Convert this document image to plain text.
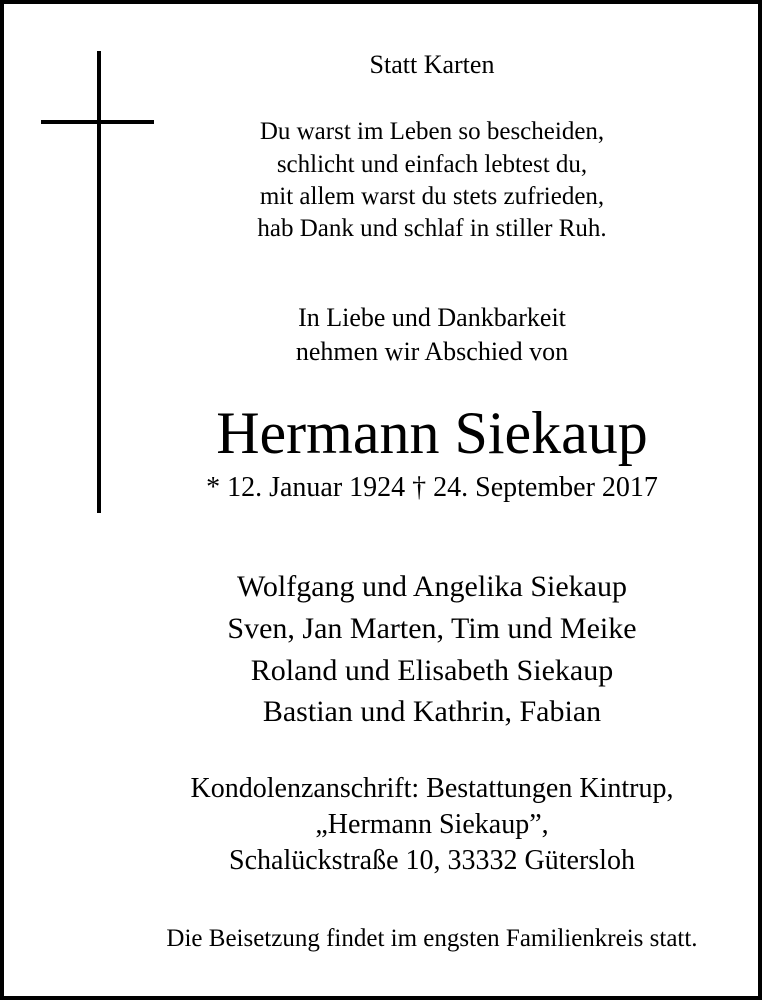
Statt Karten
Du warst im Leben so bescheiden,
schlicht und einfach lebtest du,
mit allem warst du stets zufrieden,
hab Dank und schlaf in stiller Ruh.
In Liebe und Dankbarkeit
nehmen wir Abschied von
Hermann Siekaup
* 12. Januar 1924 † 24. September 2017
Wolfgang und Angelika Siekaup
Sven, Jan Marten, Tim und Meike
Roland und Elisabeth Siekaup
Bastian und Kathrin, Fabian
Kondolenzanschrift: Bestattungen Kintrup,
„Hermann Siekaup”,
Schalückstraße 10, 33332 Gütersloh
Die Beisetzung findet im engsten Familienkreis statt.
